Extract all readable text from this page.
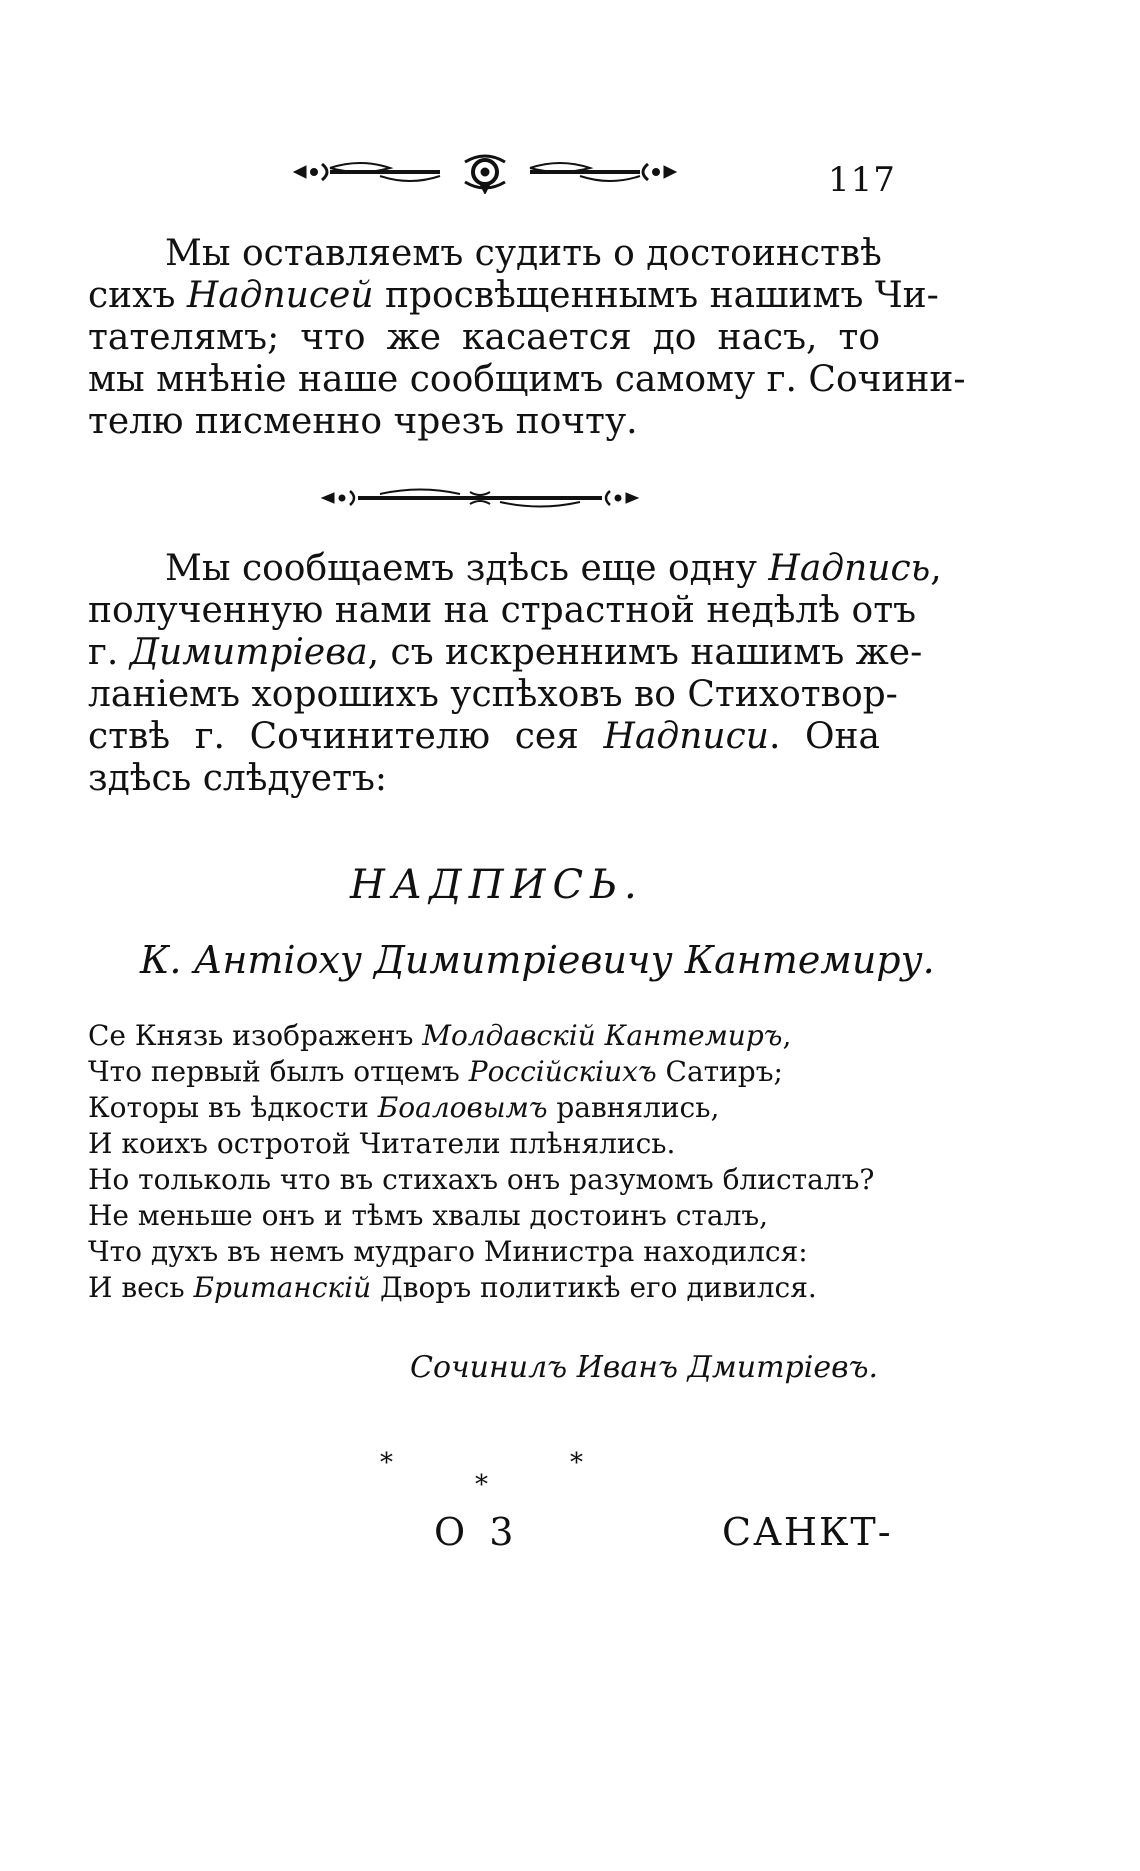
117
Мы оставляемъ судить о достоинствѣ
сихъ Надписей просвѣщеннымъ нашимъ Чи-
тателямъ; что же касается до насъ, то
мы мнѣніе наше сообщимъ самому г. Сочини-
телю писменно чрезъ почту.
Мы сообщаемъ здѣсь еще одну Надпись,
полученную нами на страстной недѣлѣ отъ
г. Димитріева, съ искреннимъ нашимъ же-
ланіемъ хорошихъ успѣховъ во Стихотвор-
ствѣ г. Сочинителю сея Надписи. Она
здѣсь слѣдуетъ:
НАДПИСЬ.
К. Антіоху Димитріевичу Кантемиру.
Се Князь изображенъ Молдавскій Кантемиръ,
Что первый былъ отцемъ Россійскіихъ Сатиръ;
Которы въ ѣдкости Боаловымъ равнялись,
И коихъ остротой Читатели плѣнялись.
Но тольколь что въ стихахъ онъ разумомъ блисталъ?
Не меньше онъ и тѣмъ хвалы достоинъ сталъ,
Что духъ въ немъ мудраго Министра находился:
И весь Британскій Дворъ политикѣ его дивился.
Сочинилъ Иванъ Дмитріевъ.
*	*
*
О 3	САНКТ-
